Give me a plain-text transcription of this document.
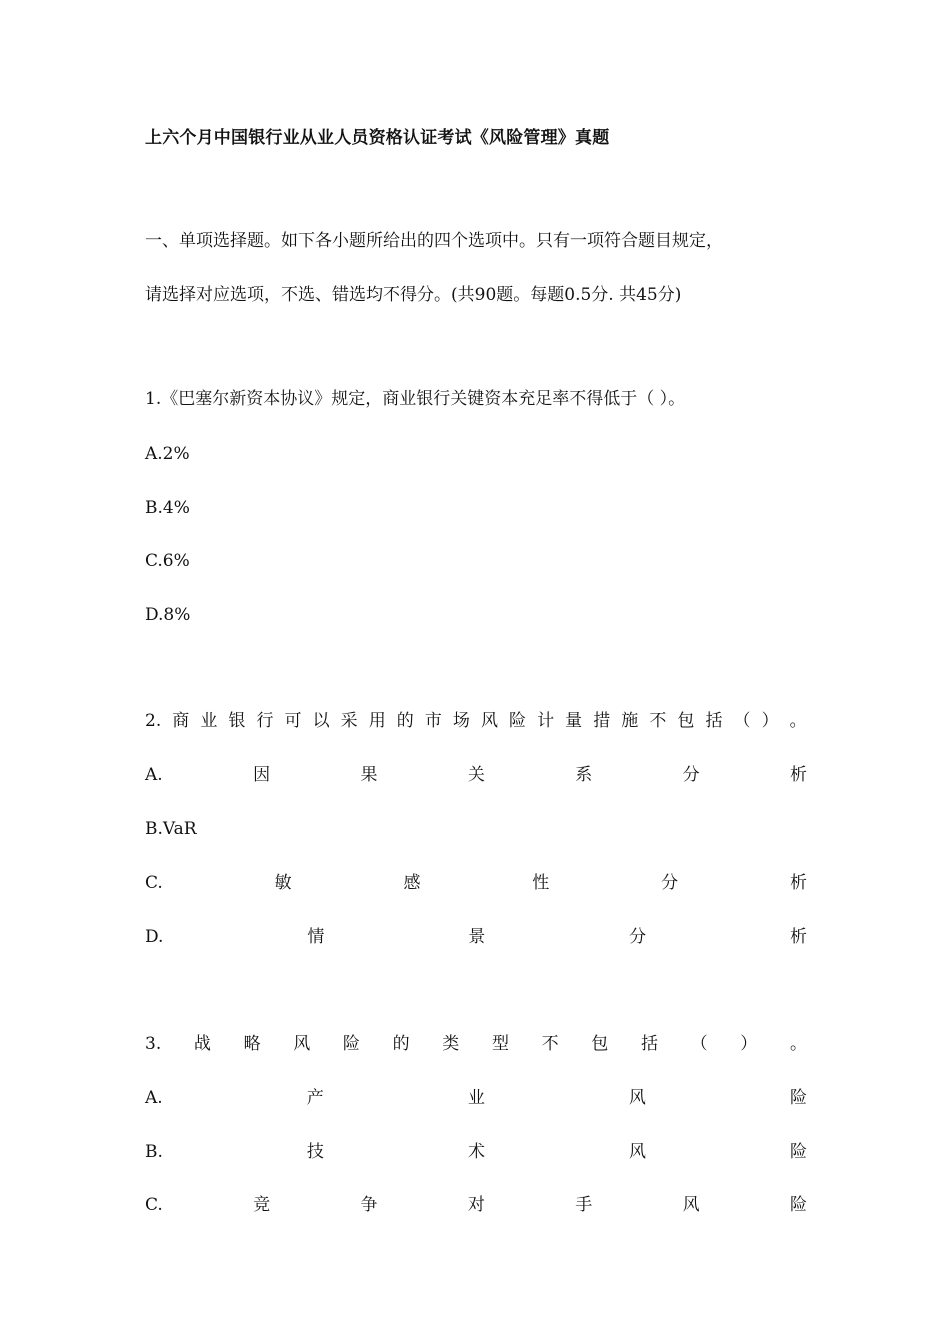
上六个月中国银行业从业人员资格认证考试《风险管理》真题
一、单项选择题。如下各小题所给出的四个选项中。只有一项符合题目规定，
请选择对应选项，不选、错选均不得分。(共90题。每题0.5分. 共45分)
1.《巴塞尔新资本协议》规定，商业银行关键资本充足率不得低于（ ）。
A.2%
B.4%
C.6%
D.8%
2. 商 业 银 行 可 以 采 用 的 市 场 风 险 计 量 措 施 不 包 括 （ ） 。
A.	因	果	关	系	分	析
B.VaR
C.	敏	感	性	分	析
D.	情	景	分	析
3. 战 略 风 险 的 类 型 不 包 括 （ ） 。
A.	产	业	风	险
B.	技	术	风	险
C.	竞	争	对	手	风	险
